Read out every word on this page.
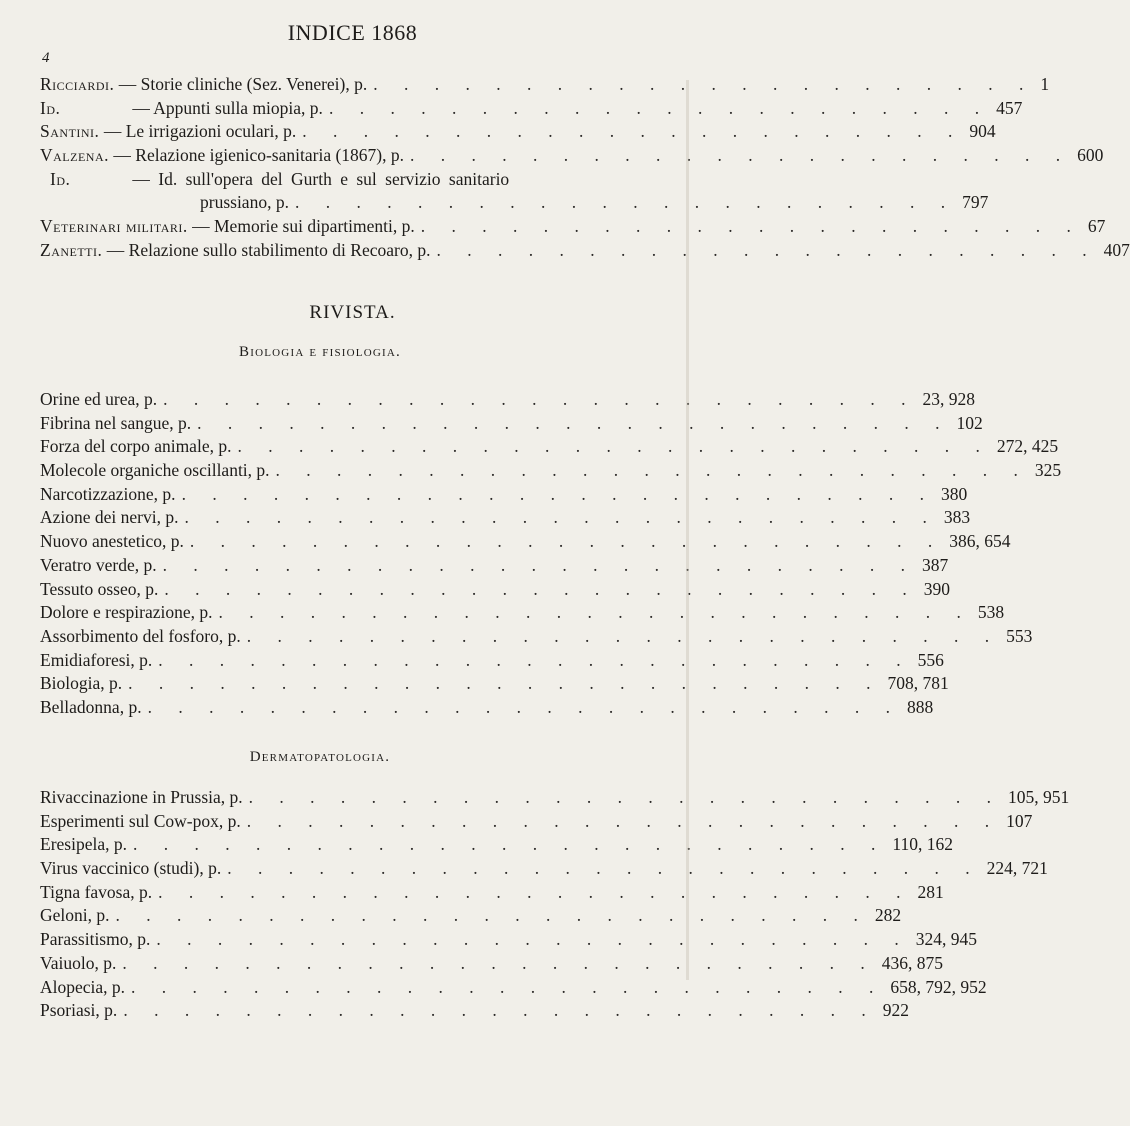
INDICE 1868
4
Ricciardi. — Storie cliniche (Sez. Venerei), p. . . . . . . . . . . . . . . . . . . . . . . 1
Id.	— Appunti sulla miopia, p. . . . . . . . . . . . . . . . . . . . . . . 457
Santini. — Le irrigazioni oculari, p. . . . . . . . . . . . . . . . . . . . . . . 904
Valzena. — Relazione igienico-sanitaria (1867), p. . . . . . . . . . . . . . . . . . . . . . . 600
Id.	— Id. sull'opera del Gurth e sul servizio sanitario
prussiano, p. . . . . . . . . . . . . . . . . . . . . . . 797
Veterinari militari. — Memorie sui dipartimenti, p. . . . . . . . . . . . . . . . . . . . . . . 67
Zanetti. — Relazione sullo stabilimento di Recoaro, p. . . . . . . . . . . . . . . . . . . . . . . 407
RIVISTA.
Biologia e fisiologia.
Orine ed urea, p. . . . . . . . . . . . . . . . . . . . . . . . . . 23, 928
Fibrina nel sangue, p. . . . . . . . . . . . . . . . . . . . . . . . . . 102
Forza del corpo animale, p. . . . . . . . . . . . . . . . . . . . . . . . . . 272, 425
Molecole organiche oscillanti, p. . . . . . . . . . . . . . . . . . . . . . . . . . 325
Narcotizzazione, p. . . . . . . . . . . . . . . . . . . . . . . . . . 380
Azione dei nervi, p. . . . . . . . . . . . . . . . . . . . . . . . . . 383
Nuovo anestetico, p. . . . . . . . . . . . . . . . . . . . . . . . . . 386, 654
Veratro verde, p. . . . . . . . . . . . . . . . . . . . . . . . . . 387
Tessuto osseo, p. . . . . . . . . . . . . . . . . . . . . . . . . . 390
Dolore e respirazione, p. . . . . . . . . . . . . . . . . . . . . . . . . . 538
Assorbimento del fosforo, p. . . . . . . . . . . . . . . . . . . . . . . . . . 553
Emidiaforesi, p. . . . . . . . . . . . . . . . . . . . . . . . . . 556
Biologia, p. . . . . . . . . . . . . . . . . . . . . . . . . . 708, 781
Belladonna, p. . . . . . . . . . . . . . . . . . . . . . . . . . 888
Dermatopatologia.
Rivaccinazione in Prussia, p. . . . . . . . . . . . . . . . . . . . . . . . . . 105, 951
Esperimenti sul Cow-pox, p. . . . . . . . . . . . . . . . . . . . . . . . . . 107
Eresipela, p. . . . . . . . . . . . . . . . . . . . . . . . . . 110, 162
Virus vaccinico (studi), p. . . . . . . . . . . . . . . . . . . . . . . . . . 224, 721
Tigna favosa, p. . . . . . . . . . . . . . . . . . . . . . . . . . 281
Geloni, p. . . . . . . . . . . . . . . . . . . . . . . . . . 282
Parassitismo, p. . . . . . . . . . . . . . . . . . . . . . . . . . 324, 945
Vaiuolo, p. . . . . . . . . . . . . . . . . . . . . . . . . . 436, 875
Alopecia, p. . . . . . . . . . . . . . . . . . . . . . . . . . 658, 792, 952
Psoriasi, p. . . . . . . . . . . . . . . . . . . . . . . . . . 922
